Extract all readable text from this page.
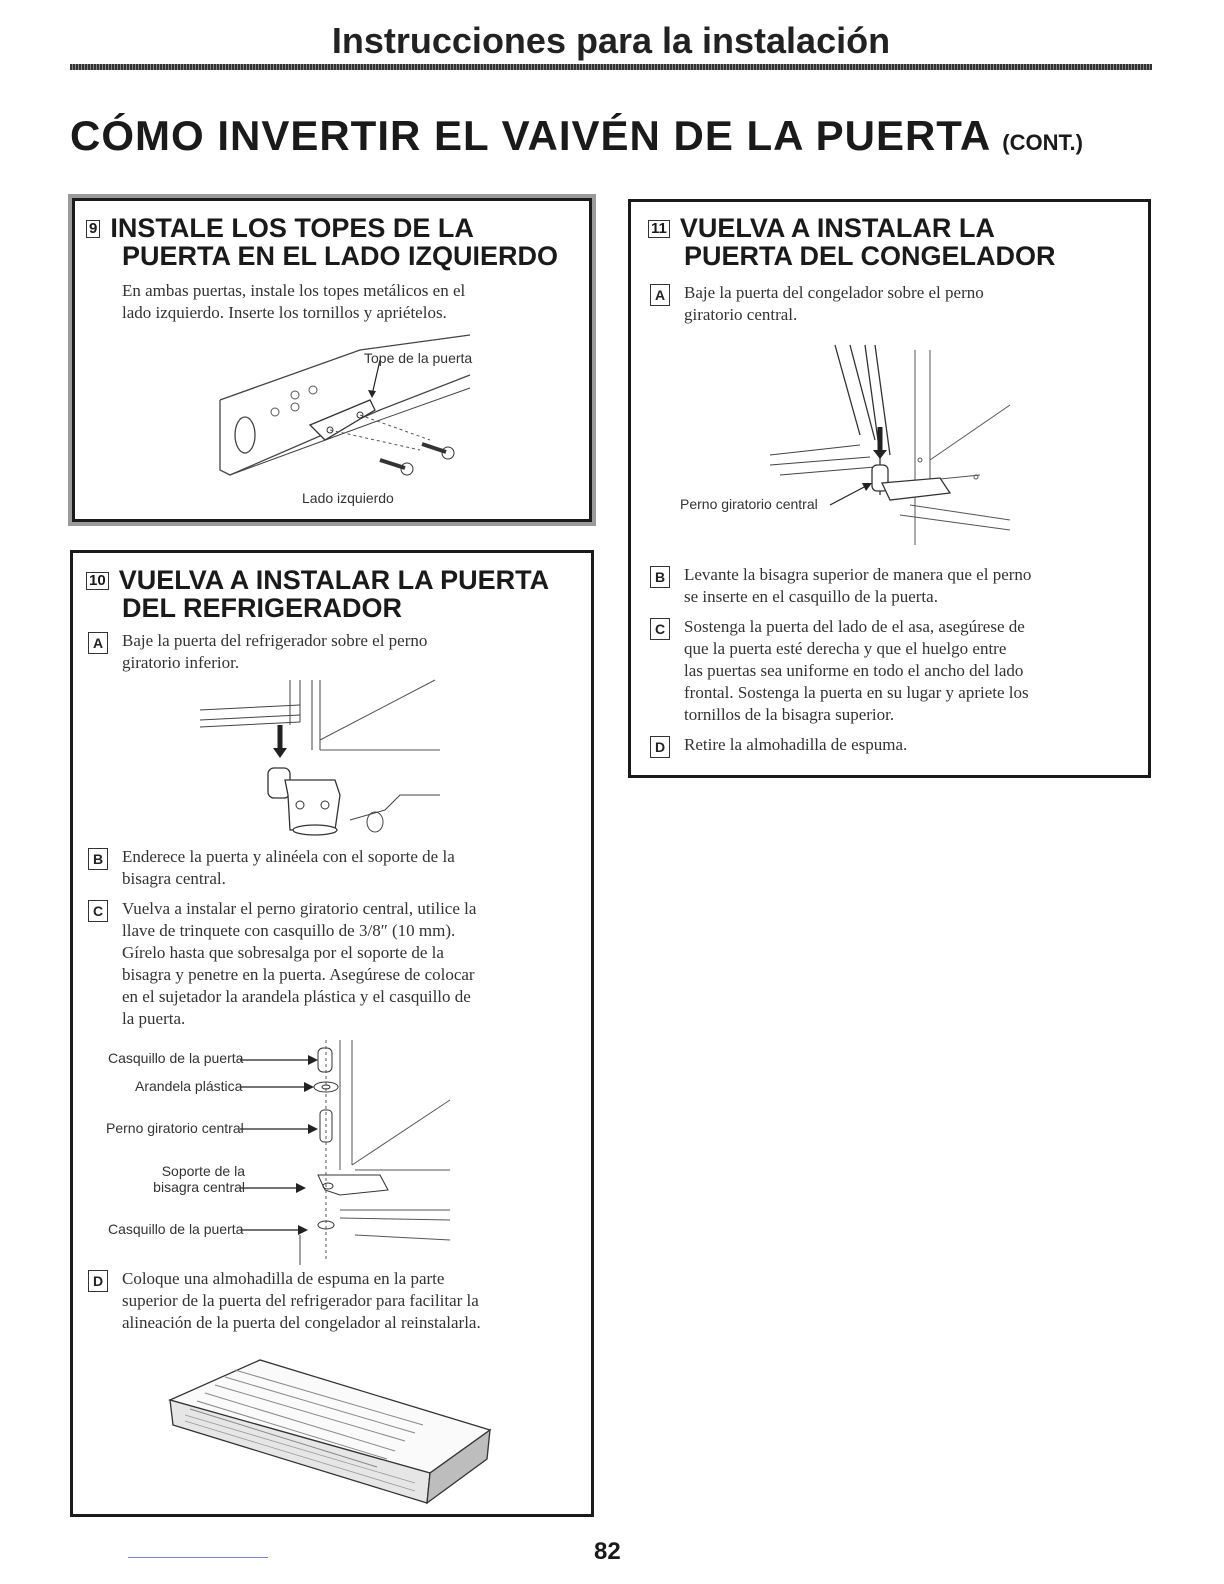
Instrucciones para la instalación
CÓMO INVERTIR EL VAIVÉN DE LA PUERTA (CONT.)
9 INSTALE LOS TOPES DE LA
PUERTA EN EL LADO IZQUIERDO
En ambas puertas, instale los topes metálicos en el
lado izquierdo. Inserte los tornillos y apriételos.
Tope de la puerta
Lado izquierdo
10 VUELVA A INSTALAR LA PUERTA
DEL REFRIGERADOR
A Baje la puerta del refrigerador sobre el perno
giratorio inferior.
B Enderece la puerta y alinéela con el soporte de la
bisagra central.
C Vuelva a instalar el perno giratorio central, utilice la
llave de trinquete con casquillo de 3/8″ (10 mm).
Gírelo hasta que sobresalga por el soporte de la
bisagra y penetre en la puerta. Asegúrese de colocar
en el sujetador la arandela plástica y el casquillo de
la puerta.
Casquillo de la puerta
Arandela plástica
Perno giratorio central
Soporte de la
bisagra central
Casquillo de la puerta
D Coloque una almohadilla de espuma en la parte
superior de la puerta del refrigerador para facilitar la
alineación de la puerta del congelador al reinstalarla.
11 VUELVA A INSTALAR LA
PUERTA DEL CONGELADOR
A Baje la puerta del congelador sobre el perno
giratorio central.
Perno giratorio central
B Levante la bisagra superior de manera que el perno
se inserte en el casquillo de la puerta.
C Sostenga la puerta del lado de el asa, asegúrese de
que la puerta esté derecha y que el huelgo entre
las puertas sea uniforme en todo el ancho del lado
frontal. Sostenga la puerta en su lugar y apriete los
tornillos de la bisagra superior.
D Retire la almohadilla de espuma.
82
